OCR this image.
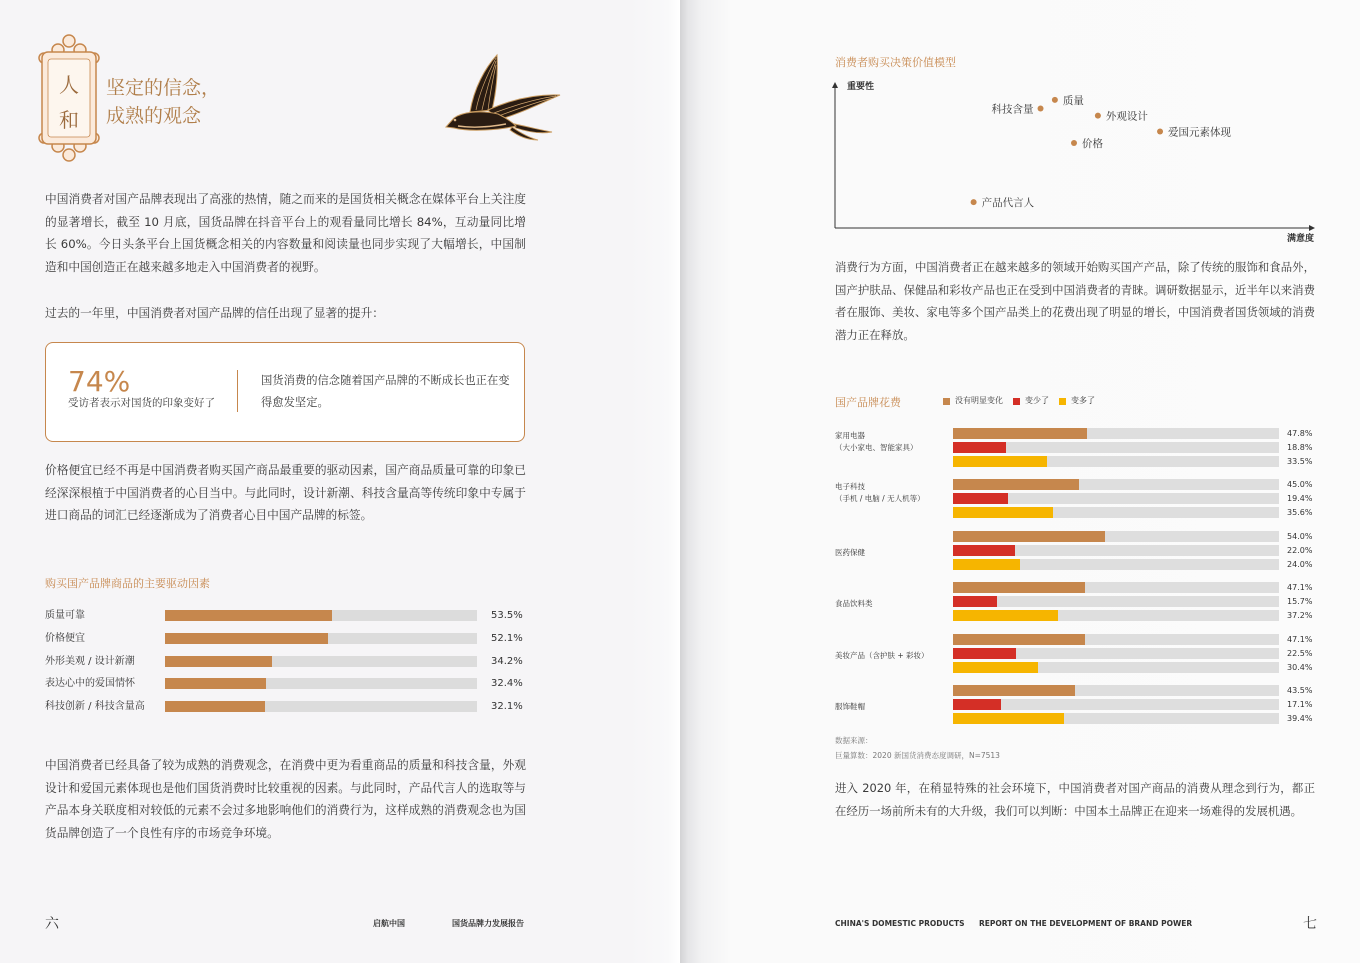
人
和
坚定的信念，
成熟的观念
中国消费者对国产品牌表现出了高涨的热情，随之而来的是国货相关概念在媒体平台上关注度的显著增长，截至 10 月底，国货品牌在抖音平台上的观看量同比增长 84%，互动量同比增长 60%。今日头条平台上国货概念相关的内容数量和阅读量也同步实现了大幅增长，中国制造和中国创造正在越来越多地走入中国消费者的视野。
过去的一年里，中国消费者对国产品牌的信任出现了显著的提升：
74%
受访者表示对国货的印象变好了
国货消费的信念随着国产品牌的不断成长也正在变得愈发坚定。
价格便宜已经不再是中国消费者购买国产商品最重要的驱动因素，国产商品质量可靠的印象已经深深根植于中国消费者的心目当中。与此同时，设计新潮、科技含量高等传统印象中专属于进口商品的词汇已经逐渐成为了消费者心目中国产品牌的标签。
购买国产品牌商品的主要驱动因素
质量可靠	53.5%
价格便宜	52.1%
外形美观 / 设计新潮	34.2%
表达心中的爱国情怀	32.4%
科技创新 / 科技含量高	32.1%
中国消费者已经具备了较为成熟的消费观念，在消费中更为看重商品的质量和科技含量，外观设计和爱国元素体现也是他们国货消费时比较重视的因素。与此同时，产品代言人的选取等与产品本身关联度相对较低的元素不会过多地影响他们的消费行为，这样成熟的消费观念也为国货品牌创造了一个良性有序的市场竞争环境。
六	启航中国	国货品牌力发展报告
消费者购买决策价值模型
重要性
满意度
质量
科技含量
外观设计
爱国元素体现
价格
产品代言人
消费行为方面，中国消费者正在越来越多的领域开始购买国产产品，除了传统的服饰和食品外，国产护肤品、保健品和彩妆产品也正在受到中国消费者的青睐。调研数据显示，近半年以来消费者在服饰、美妆、家电等多个国产品类上的花费出现了明显的增长，中国消费者国货领域的消费潜力正在释放。
国产品牌花费	没有明显变化	变少了	变多了
家用电器
（大小家电、智能家具）
47.8%
18.8%
33.5%
电子科技
（手机 / 电脑 / 无人机等）
45.0%
19.4%
35.6%
医药保健
54.0%
22.0%
24.0%
食品饮料类
47.1%
15.7%
37.2%
美妆产品（含护肤 + 彩妆）
47.1%
22.5%
30.4%
服饰鞋帽
43.5%
17.1%
39.4%
数据来源：
巨量算数：2020 新国货消费态度调研，N=7513
进入 2020 年，在稍显特殊的社会环境下，中国消费者对国产商品的消费从理念到行为，都正在经历一场前所未有的大升级，我们可以判断：中国本土品牌正在迎来一场难得的发展机遇。
CHINA'S DOMESTIC PRODUCTS REPORT ON THE DEVELOPMENT OF BRAND POWER	七
